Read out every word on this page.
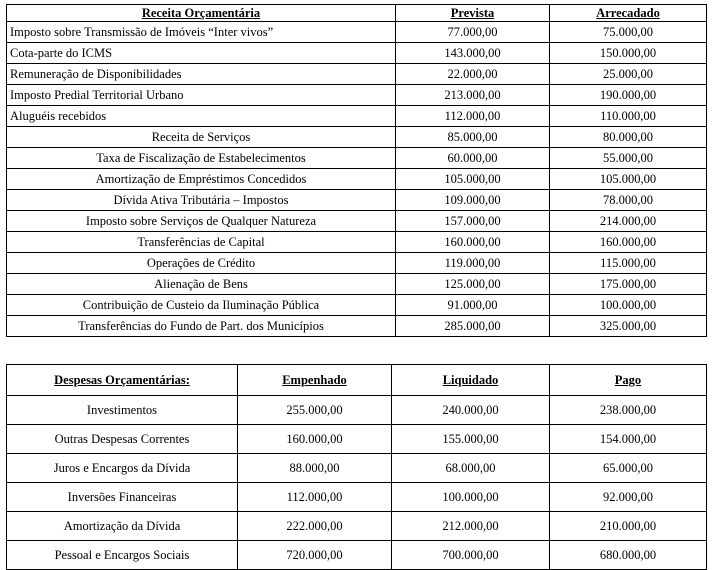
Receita Orçamentária	Prevista	Arrecadado
Imposto sobre Transmissão de Imóveis “Inter vivos”	77.000,00	75.000,00
Cota-parte do ICMS	143.000,00	150.000,00
Remuneração de Disponibilidades	22.000,00	25.000,00
Imposto Predial Territorial Urbano	213.000,00	190.000,00
Aluguéis recebidos	112.000,00	110.000,00
Receita de Serviços	85.000,00	80.000,00
Taxa de Fiscalização de Estabelecimentos	60.000,00	55.000,00
Amortização de Empréstimos Concedidos	105.000,00	105.000,00
Dívida Ativa Tributária – Impostos	109.000,00	78.000,00
Imposto sobre Serviços de Qualquer Natureza	157.000,00	214.000,00
Transferências de Capital	160.000,00	160.000,00
Operações de Crédito	119.000,00	115.000,00
Alienação de Bens	125.000,00	175.000,00
Contribuição de Custeio da Iluminação Pública	91.000,00	100.000,00
Transferências do Fundo de Part. dos Municípios	285.000,00	325.000,00
Despesas Orçamentárias:	Empenhado	Liquidado	Pago
Investimentos	255.000,00	240.000,00	238.000,00
Outras Despesas Correntes	160.000,00	155.000,00	154.000,00
Juros e Encargos da Dívida	88.000,00	68.000,00	65.000,00
Inversões Financeiras	112.000,00	100.000,00	92.000,00
Amortização da Dívida	222.000,00	212.000,00	210.000,00
Pessoal e Encargos Sociais	720.000,00	700.000,00	680.000,00
